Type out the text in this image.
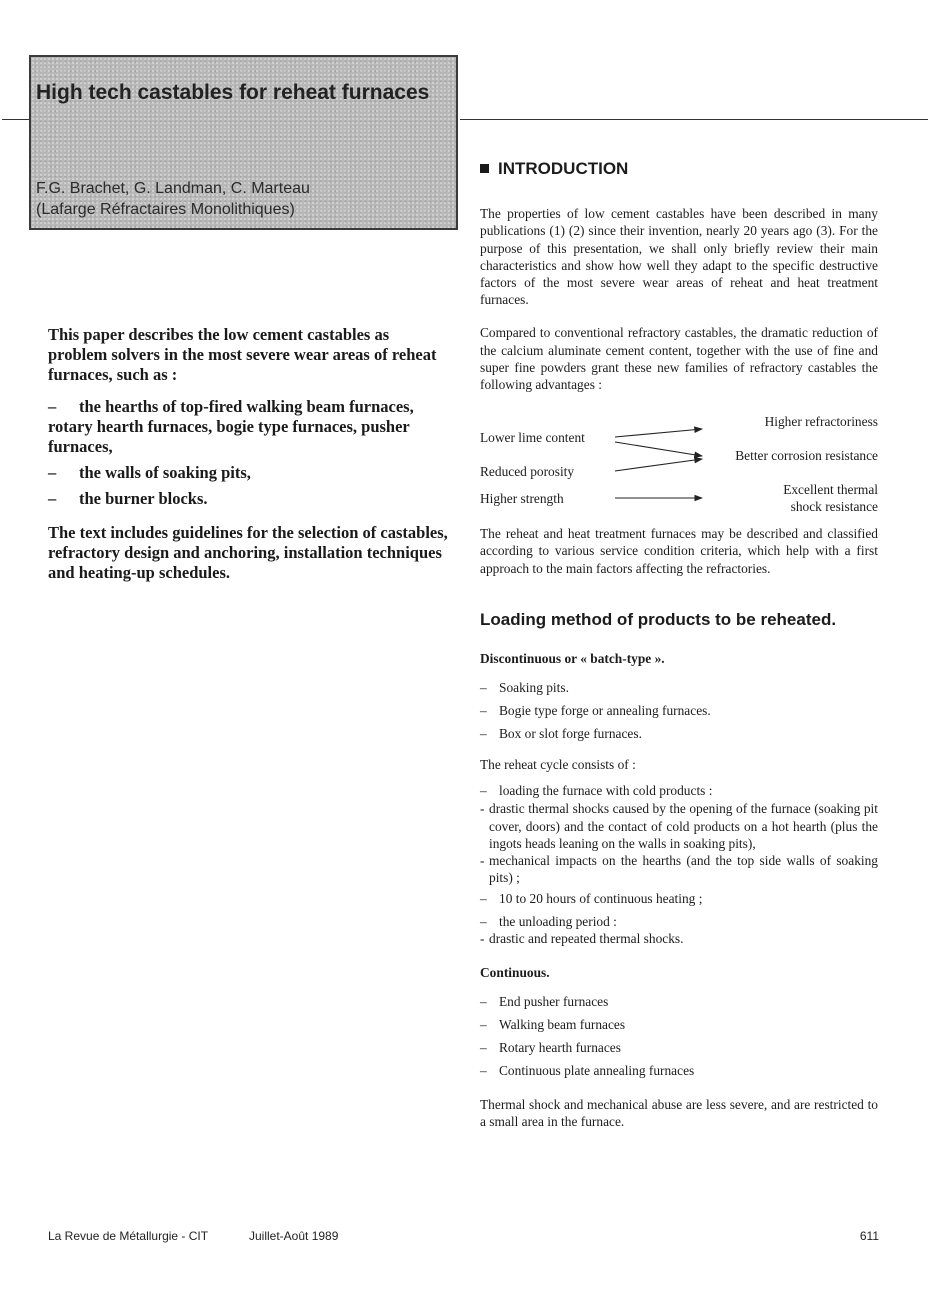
High tech castables for reheat furnaces
F.G. Brachet, G. Landman, C. Marteau
(Lafarge Réfractaires Monolithiques)

This paper describes the low cement castables as problem solvers in the most severe wear areas of reheat furnaces, such as :

– the hearths of top-fired walking beam furnaces, rotary hearth furnaces, bogie type furnaces, pusher furnaces,
–	the walls of soaking pits,
–	the burner blocks.

The text includes guidelines for the selection of castables, refractory design and anchoring, installation techniques and heating-up schedules.

INTRODUCTION

The properties of low cement castables have been described in many publications (1) (2) since their invention, nearly 20 years ago (3). For the purpose of this presentation, we shall only briefly review their main characteristics and show how well they adapt to the specific destructive factors of the most severe wear areas of reheat and heat treatment furnaces.

Compared to conventional refractory castables, the dramatic reduction of the calcium aluminate cement content, together with the use of fine and super fine powders grant these new families of refractory castables the following advantages :

Lower lime content
Reduced porosity
Higher strength
Higher refractoriness
Better corrosion resistance
Excellent thermal
shock resistance

The reheat and heat treatment furnaces may be described and classified according to various service condition criteria, which help with a first approach to the main factors affecting the refractories.

Loading method of products to be reheated.
Discontinuous or « batch-type ».
– Soaking pits.
– Bogie type forge or annealing furnaces.
– Box or slot forge furnaces.

The reheat cycle consists of :

– loading the furnace with cold products :
- drastic thermal shocks caused by the opening of the furnace (soaking pit cover, doors) and the contact of cold products on a hot hearth (plus the ingots heads leaning on the walls in soaking pits),
- mechanical impacts on the hearths (and the top side walls of soaking pits) ;
– 10 to 20 hours of continuous heating ;
– the unloading period :
- drastic and repeated thermal shocks.
Continuous.
– End pusher furnaces
– Walking beam furnaces
– Rotary hearth furnaces
– Continuous plate annealing furnaces

Thermal shock and mechanical abuse are less severe, and are restricted to a small area in the furnace.

La Revue de Métallurgie - CIT	Juillet-Août 1989	611
